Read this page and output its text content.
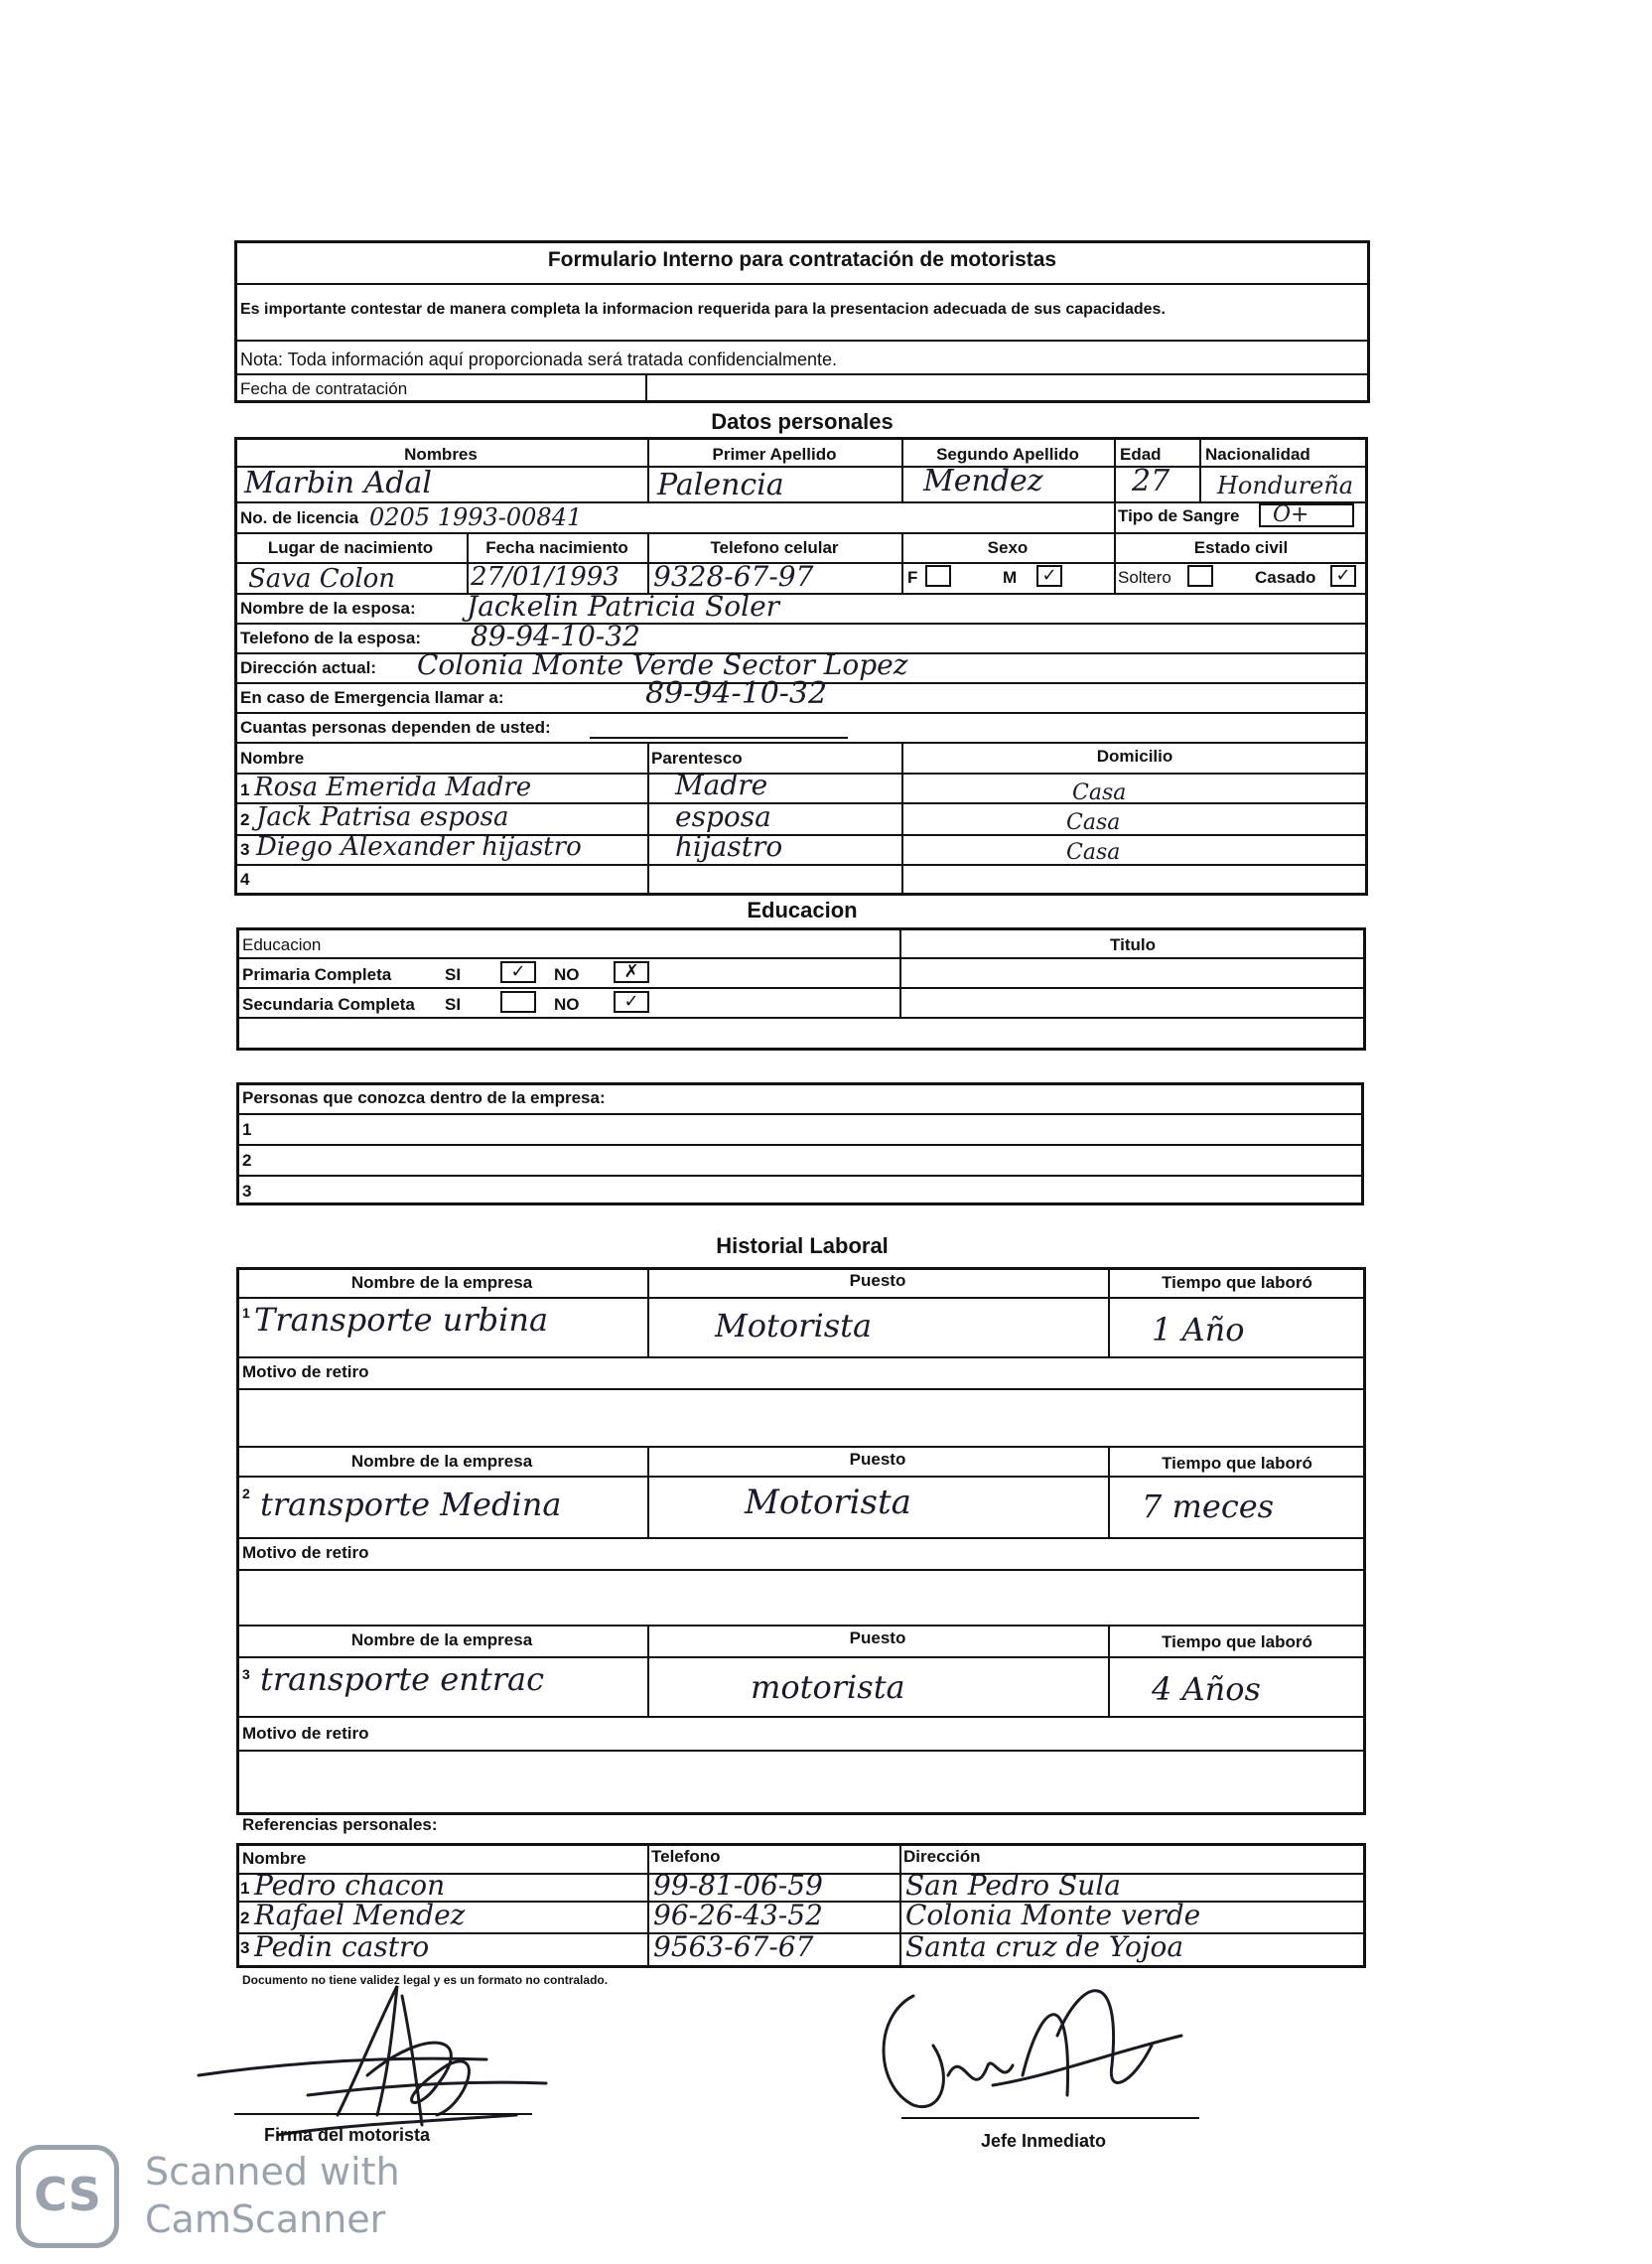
Formulario Interno para contratación de motoristas
Es importante contestar de manera completa la informacion requerida para la presentacion adecuada de sus capacidades.
Nota: Toda información aquí proporcionada será tratada confidencialmente.
Fecha de contratación
Datos personales
Nombres	Primer Apellido	Segundo Apellido	Edad	Nacionalidad
Marbin Adal	Palencia	Mendez	27 Hondureña
No. de licencia 0205 1993-00841	Tipo de Sangre O+
Lugar de nacimiento	Fecha nacimiento	Telefono celular	Sexo	Estado civil
Sava Colon	27/01/1993 9328-67-97	F	M	✓	Soltero	Casado	✓
Nombre de la esposa: Jackelin Patricia Soler
Telefono de la esposa: 89-94-10-32
Dirección actual: Colonia Monte Verde Sector Lopez
En caso de Emergencia llamar a:	89-94-10-32
Cuantas personas dependen de usted:
Nombre	Parentesco	Domicilio
1 Rosa Emerida Madre	Madre	Casa
2 Jack Patrisa esposa	esposa	Casa
3 Diego Alexander hijastro	hijastro	Casa
4
Educacion
Educacion	Titulo
Primaria Completa	SI	✓	NO	✗
Secundaria Completa SI	NO	✓
Personas que conozca dentro de la empresa:
1
2
3
Historial Laboral
Nombre de la empresa	Puesto	Tiempo que laboró
1 Transporte urbina	Motorista	1 Año
Motivo de retiro
Nombre de la empresa	Puesto	Tiempo que laboró
2 transporte Medina	Motorista	7 meces
Motivo de retiro
Nombre de la empresa	Puesto	Tiempo que laboró
3 transporte entrac	motorista	4 Años
Motivo de retiro
Referencias personales:
Nombre	Telefono	Dirección
1 Pedro chacon	99-81-06-59	San Pedro Sula
2 Rafael Mendez	96-26-43-52	Colonia Monte verde
3 Pedin castro	9563-67-67	Santa cruz de Yojoa
Documento no tiene validez legal y es un formato no contralado.
Firma del motorista	Jefe Inmediato
CS	Scanned with
CamScanner
